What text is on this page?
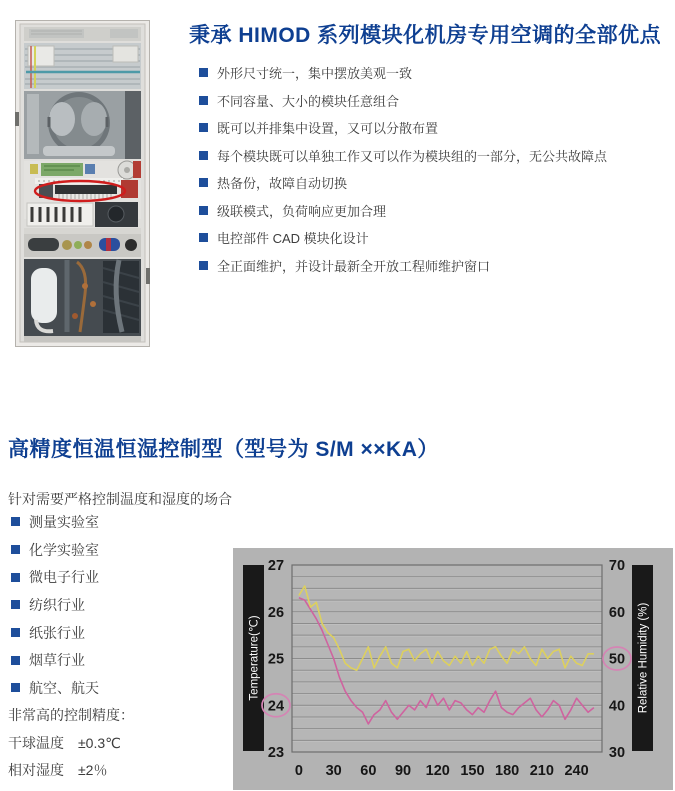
秉承 HIMOD 系列模块化机房专用空调的全部优点
外形尺寸统一，集中摆放美观一致
不同容量、大小的模块任意组合
既可以并排集中设置，又可以分散布置
每个模块既可以单独工作又可以作为模块组的一部分，无公共故障点
热备份，故障自动切换
级联模式，负荷响应更加合理
电控部件 CAD 模块化设计
全正面维护，并设计最新全开放工程师维护窗口
高精度恒温恒湿控制型（型号为 S/M ××KA）
针对需要严格控制温度和湿度的场合
测量实验室
化学实验室
微电子行业
纺织行业
纸张行业
烟草行业
航空、航天
非常高的控制精度：
干球温度　±0.3℃
相对湿度　±2％
Temperature(℃)	Relative Humidity (%)
27
26
25
24
23
70
60
50
40
30
0 30 60 90 120 150 180 210 240
